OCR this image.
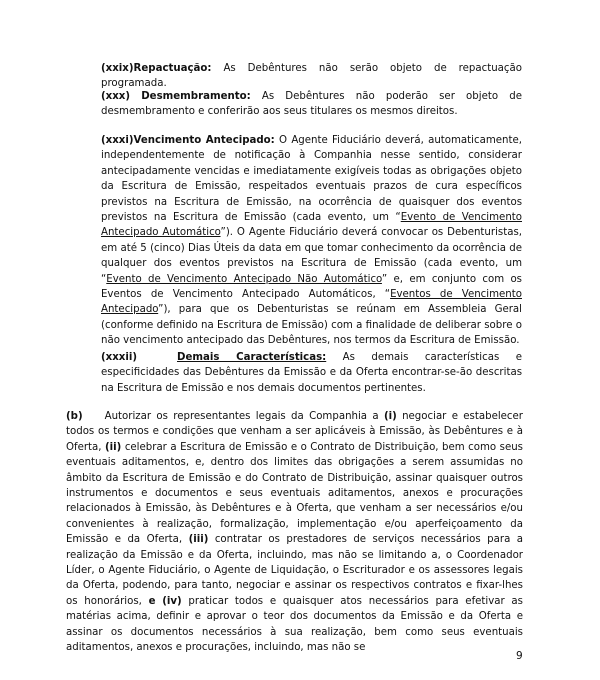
(xxix)Repactuação: As Debêntures não serão objeto de repactuação programada.

(xxx) Desmembramento: As Debêntures não poderão ser objeto de desmembramento e conferirão aos seus titulares os mesmos direitos.

(xxxi)Vencimento Antecipado: O Agente Fiduciário deverá, automaticamente, independentemente de notificação à Companhia nesse sentido, considerar antecipadamente vencidas e imediatamente exigíveis todas as obrigações objeto da Escritura de Emissão, respeitados eventuais prazos de cura específicos previstos na Escritura de Emissão, na ocorrência de quaisquer dos eventos previstos na Escritura de Emissão (cada evento, um “Evento de Vencimento Antecipado Automático”). O Agente Fiduciário deverá convocar os Debenturistas, em até 5 (cinco) Dias Úteis da data em que tomar conhecimento da ocorrência de qualquer dos eventos previstos na Escritura de Emissão (cada evento, um “Evento de Vencimento Antecipado Não Automático” e, em conjunto com os Eventos de Vencimento Antecipado Automáticos, “Eventos de Vencimento Antecipado”), para que os Debenturistas se reúnam em Assembleia Geral (conforme definido na Escritura de Emissão) com a finalidade de deliberar sobre o não vencimento antecipado das Debêntures, nos termos da Escritura de Emissão.

(xxxii)	Demais Características: As demais características e especificidades das Debêntures da Emissão e da Oferta encontrar-se-ão descritas na Escritura de Emissão e nos demais documentos pertinentes.

(b) Autorizar os representantes legais da Companhia a (i) negociar e estabelecer todos os termos e condições que venham a ser aplicáveis à Emissão, às Debêntures e à Oferta, (ii) celebrar a Escritura de Emissão e o Contrato de Distribuição, bem como seus eventuais aditamentos, e, dentro dos limites das obrigações a serem assumidas no âmbito da Escritura de Emissão e do Contrato de Distribuição, assinar quaisquer outros instrumentos e documentos e seus eventuais aditamentos, anexos e procurações relacionados à Emissão, às Debêntures e à Oferta, que venham a ser necessários e/ou convenientes à realização, formalização, implementação e/ou aperfeiçoamento da Emissão e da Oferta, (iii) contratar os prestadores de serviços necessários para a realização da Emissão e da Oferta, incluindo, mas não se limitando a, o Coordenador Líder, o Agente Fiduciário, o Agente de Liquidação, o Escriturador e os assessores legais da Oferta, podendo, para tanto, negociar e assinar os respectivos contratos e fixar-lhes os honorários, e (iv) praticar todos e quaisquer atos necessários para efetivar as matérias acima, definir e aprovar o teor dos documentos da Emissão e da Oferta e assinar os documentos necessários à sua realização, bem como seus eventuais aditamentos, anexos e procurações, incluindo, mas não se

9
